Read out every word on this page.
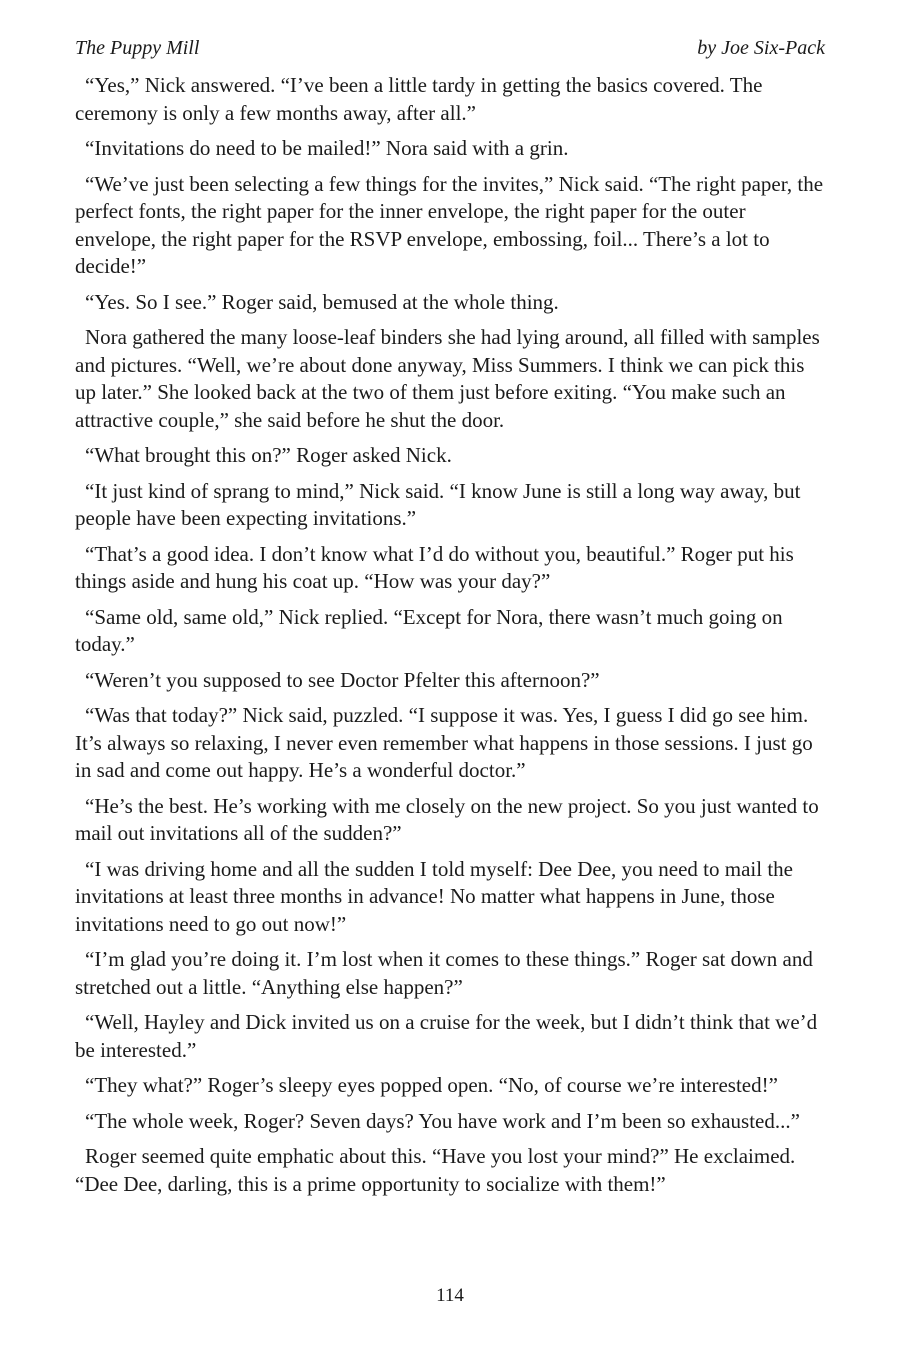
The Puppy Mill	by Joe Six-Pack

“Yes,” Nick answered. “I’ve been a little tardy in getting the basics covered. The ceremony is only a few months away, after all.”

“Invitations do need to be mailed!” Nora said with a grin.

“We’ve just been selecting a few things for the invites,” Nick said. “The right paper, the perfect fonts, the right paper for the inner envelope, the right paper for the outer envelope, the right paper for the RSVP envelope, embossing, foil... There’s a lot to decide!”

“Yes. So I see.” Roger said, bemused at the whole thing.

Nora gathered the many loose-leaf binders she had lying around, all filled with samples and pictures. “Well, we’re about done anyway, Miss Summers. I think we can pick this up later.” She looked back at the two of them just before exiting. “You make such an attractive couple,” she said before he shut the door.

“What brought this on?” Roger asked Nick.

“It just kind of sprang to mind,” Nick said. “I know June is still a long way away, but people have been expecting invitations.”

“That’s a good idea. I don’t know what I’d do without you, beautiful.” Roger put his things aside and hung his coat up. “How was your day?”

“Same old, same old,” Nick replied. “Except for Nora, there wasn’t much going on today.”

“Weren’t you supposed to see Doctor Pfelter this afternoon?”

“Was that today?” Nick said, puzzled. “I suppose it was. Yes, I guess I did go see him. It’s always so relaxing, I never even remember what happens in those sessions. I just go in sad and come out happy. He’s a wonderful doctor.”

“He’s the best. He’s working with me closely on the new project. So you just wanted to mail out invitations all of the sudden?”

“I was driving home and all the sudden I told myself: Dee Dee, you need to mail the invitations at least three months in advance! No matter what happens in June, those invitations need to go out now!”

“I’m glad you’re doing it. I’m lost when it comes to these things.” Roger sat down and stretched out a little. “Anything else happen?”

“Well, Hayley and Dick invited us on a cruise for the week, but I didn’t think that we’d be interested.”

“They what?” Roger’s sleepy eyes popped open. “No, of course we’re interested!”

“The whole week, Roger? Seven days? You have work and I’m been so exhausted...”

Roger seemed quite emphatic about this. “Have you lost your mind?” He exclaimed. “Dee Dee, darling, this is a prime opportunity to socialize with them!”

114
